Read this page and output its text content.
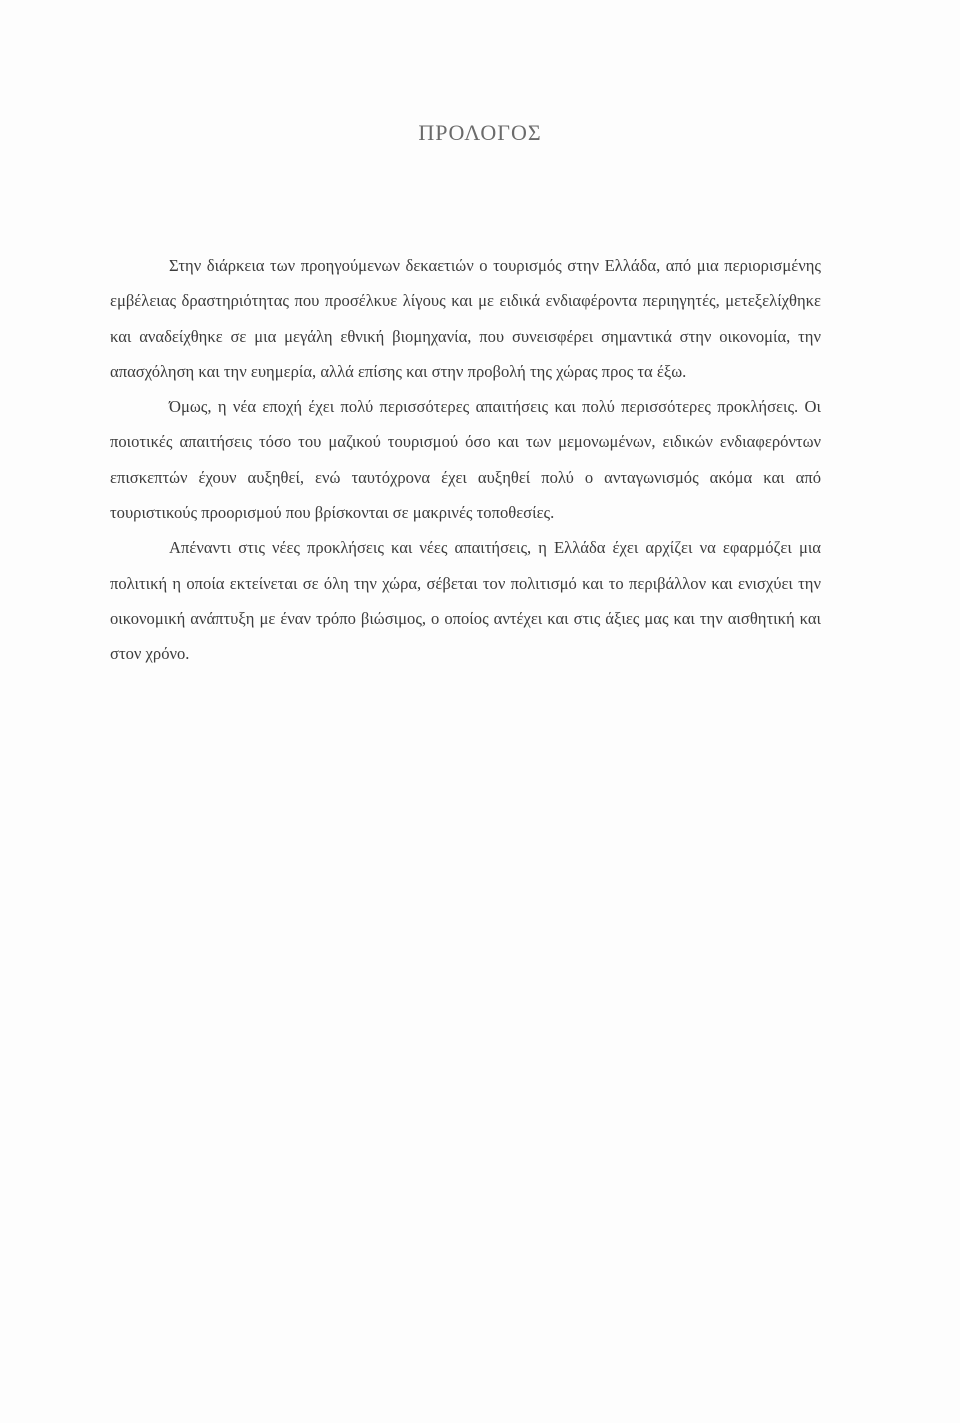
ΠΡΟΛΟΓΟΣ

Στην διάρκεια των προηγούμενων δεκαετιών ο τουρισμός στην Ελλάδα, από μια περιορισμένης εμβέλειας δραστηριότητας που προσέλκυε λίγους και με ειδικά ενδιαφέροντα περιηγητές, μετεξελίχθηκε και αναδείχθηκε σε μια μεγάλη εθνική βιομηχανία, που συνεισφέρει σημαντικά στην οικονομία, την απασχόληση και την ευημερία, αλλά επίσης και στην προβολή της χώρας προς τα έξω.

Όμως, η νέα εποχή έχει πολύ περισσότερες απαιτήσεις και πολύ περισσότερες προκλήσεις. Οι ποιοτικές απαιτήσεις τόσο του μαζικού τουρισμού όσο και των μεμονωμένων, ειδικών ενδιαφερόντων επισκεπτών έχουν αυξηθεί, ενώ ταυτόχρονα έχει αυξηθεί πολύ ο ανταγωνισμός ακόμα και από τουριστικούς προορισμού που βρίσκονται σε μακρινές τοποθεσίες.

Απέναντι στις νέες προκλήσεις και νέες απαιτήσεις, η Ελλάδα έχει αρχίζει να εφαρμόζει μια πολιτική η οποία εκτείνεται σε όλη την χώρα, σέβεται τον πολιτισμό και το περιβάλλον και ενισχύει την οικονομική ανάπτυξη με έναν τρόπο βιώσιμος, ο οποίος αντέχει και στις άξιες μας και την αισθητική και στον χρόνο.
